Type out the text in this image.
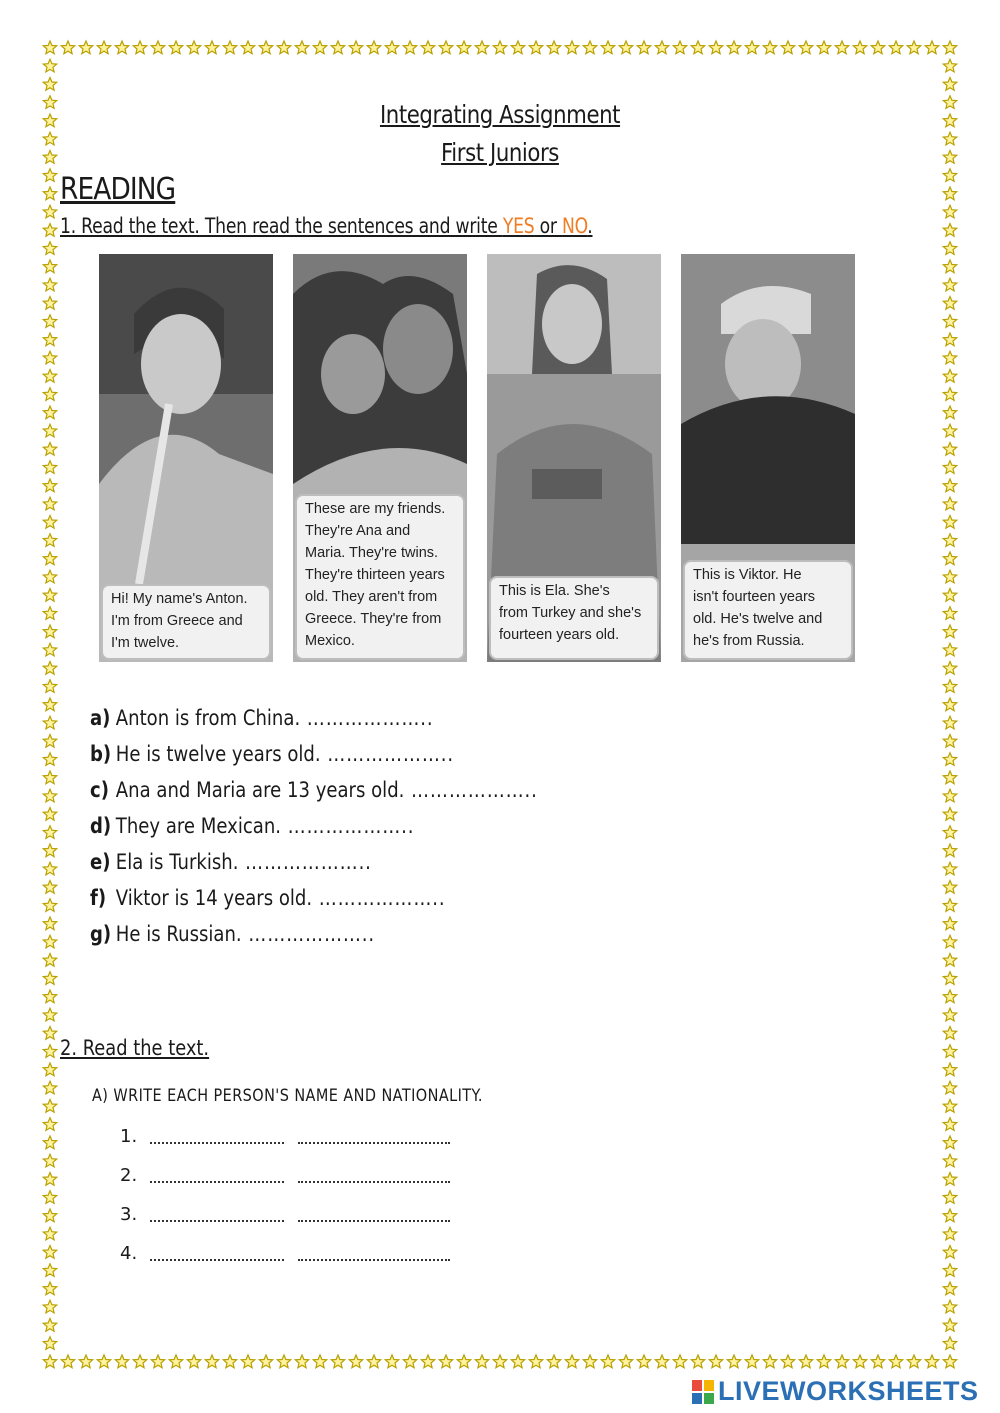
Integrating Assignment
First Juniors
READING
1. Read the text. Then read the sentences and write YES or NO.
Hi! My name's Anton.
I'm from Greece and
I'm twelve.
These are my friends.
They're Ana and
Maria. They're twins.
They're thirteen years
old. They aren't from
Greece. They're from
Mexico.
This is Ela. She's
from Turkey and she's
fourteen years old.
This is Viktor. He
isn't fourteen years
old. He's twelve and
he's from Russia.
a) Anton is from China. ………………..
b) He is twelve years old. ………………..
c) Ana and Maria are 13 years old. ………………..
d) They are Mexican. ………………..
e) Ela is Turkish. ………………..
f) Viktor is 14 years old. ………………..
g) He is Russian. ………………..
2. Read the text.
A) WRITE EACH PERSON'S NAME AND NATIONALITY.
1.
2.
3.
4.
LIVEWORKSHEETS
